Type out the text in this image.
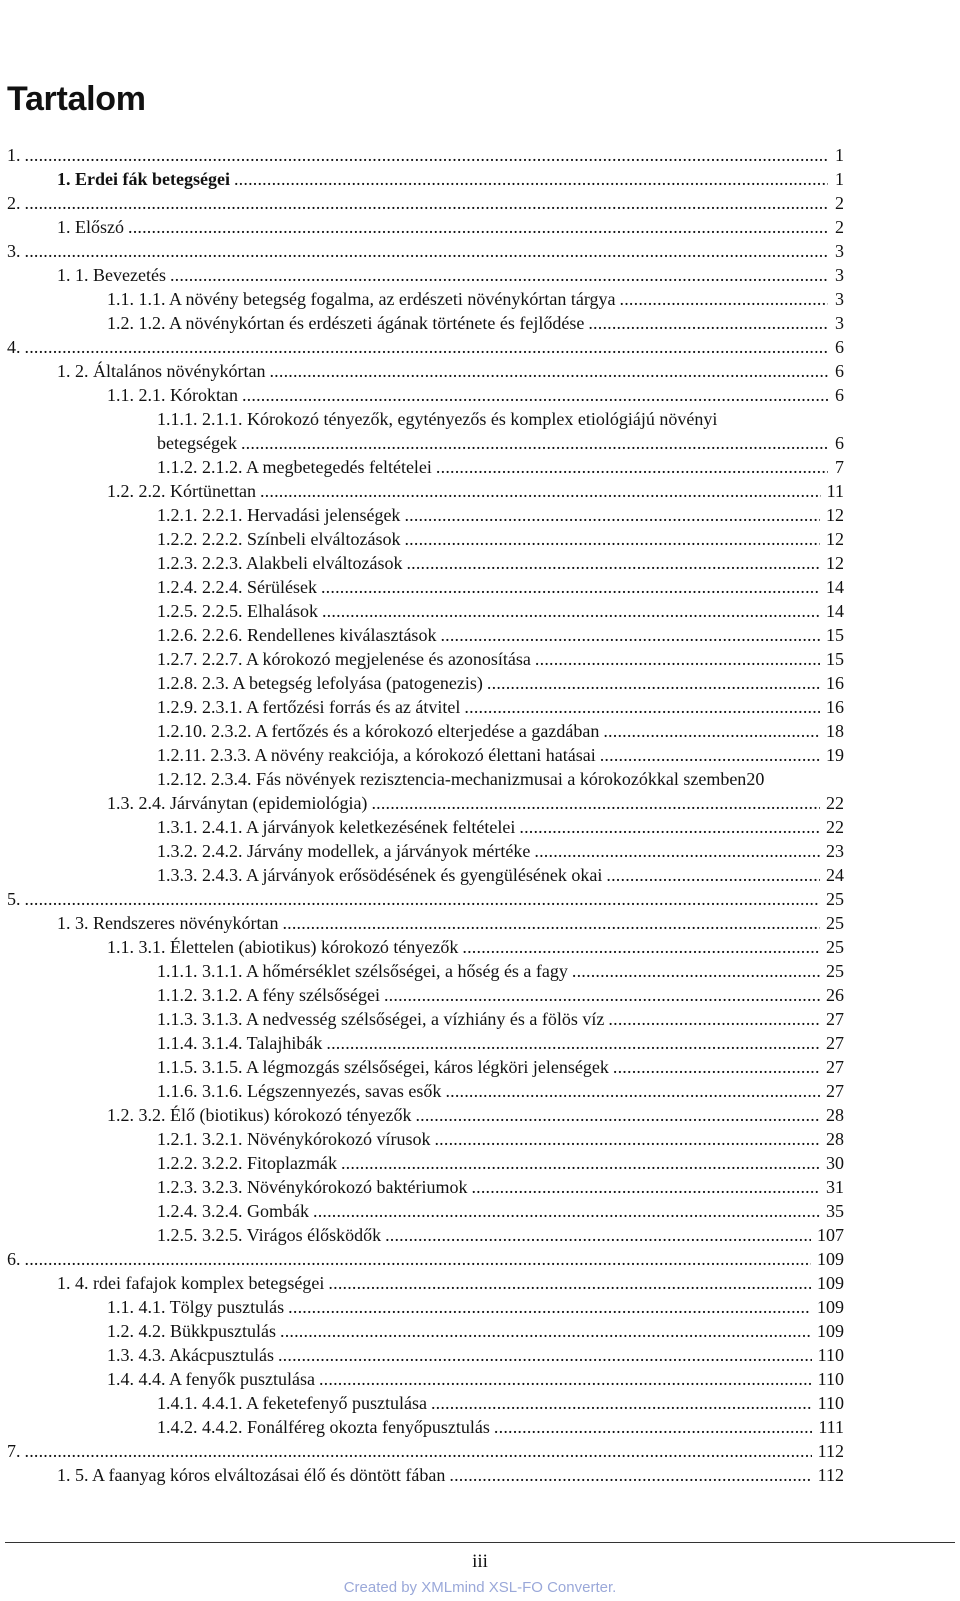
Tartalom
1. .....	1
1. Erdei fák betegségei .....	1
2. .....	2
1. Előszó .....	2
3. .....	3
1. 1. Bevezetés .....	3
1.1. 1.1. A növény betegség fogalma, az erdészeti növénykórtan tárgya .....	3
1.2. 1.2. A növénykórtan és erdészeti ágának története és fejlődése .....	3
4. .....	6
1. 2. Általános növénykórtan .....	6
1.1. 2.1. Kóroktan .....	6
1.1.1. 2.1.1. Kórokozó tényezők, egytényezős és komplex etiológiájú növényi
betegségek .....	6
1.1.2. 2.1.2. A megbetegedés feltételei .....	7
1.2. 2.2. Kórtünettan .....	11
1.2.1. 2.2.1. Hervadási jelenségek .....	12
1.2.2. 2.2.2. Színbeli elváltozások .....	12
1.2.3. 2.2.3. Alakbeli elváltozások .....	12
1.2.4. 2.2.4. Sérülések .....	14
1.2.5. 2.2.5. Elhalások .....	14
1.2.6. 2.2.6. Rendellenes kiválasztások .....	15
1.2.7. 2.2.7. A kórokozó megjelenése és azonosítása .....	15
1.2.8. 2.3. A betegség lefolyása (patogenezis) .....	16
1.2.9. 2.3.1. A fertőzési forrás és az átvitel .....	16
1.2.10. 2.3.2. A fertőzés és a kórokozó elterjedése a gazdában .....	18
1.2.11. 2.3.3. A növény reakciója, a kórokozó élettani hatásai .....	19
1.2.12. 2.3.4. Fás növények rezisztencia-mechanizmusai a kórokozókkal szemben 20
1.3. 2.4. Járványtan (epidemiológia) .....	22
1.3.1. 2.4.1. A járványok keletkezésének feltételei .....	22
1.3.2. 2.4.2. Járvány modellek, a járványok mértéke .....	23
1.3.3. 2.4.3. A járványok erősödésének és gyengülésének okai .....	24
5. .....	25
1. 3. Rendszeres növénykórtan .....	25
1.1. 3.1. Élettelen (abiotikus) kórokozó tényezők .....	25
1.1.1. 3.1.1. A hőmérséklet szélsőségei, a hőség és a fagy .....	25
1.1.2. 3.1.2. A fény szélsőségei .....	26
1.1.3. 3.1.3. A nedvesség szélsőségei, a vízhiány és a fölös víz .....	27
1.1.4. 3.1.4. Talajhibák .....	27
1.1.5. 3.1.5. A légmozgás szélsőségei, káros légköri jelenségek .....	27
1.1.6. 3.1.6. Légszennyezés, savas esők .....	27
1.2. 3.2. Élő (biotikus) kórokozó tényezők .....	28
1.2.1. 3.2.1. Növénykórokozó vírusok .....	28
1.2.2. 3.2.2. Fitoplazmák .....	30
1.2.3. 3.2.3. Növénykórokozó baktériumok .....	31
1.2.4. 3.2.4. Gombák .....	35
1.2.5. 3.2.5. Virágos élősködők .....	107
6. .....	109
1. 4. rdei fafajok komplex betegségei .....	109
1.1. 4.1. Tölgy pusztulás .....	109
1.2. 4.2. Bükkpusztulás .....	109
1.3. 4.3. Akácpusztulás .....	110
1.4. 4.4. A fenyők pusztulása .....	110
1.4.1. 4.4.1. A feketefenyő pusztulása .....	110
1.4.2. 4.4.2. Fonálféreg okozta fenyőpusztulás .....	111
7. .....	112
1. 5. A faanyag kóros elváltozásai élő és döntött fában .....	112
iii
Created by XMLmind XSL-FO Converter.
